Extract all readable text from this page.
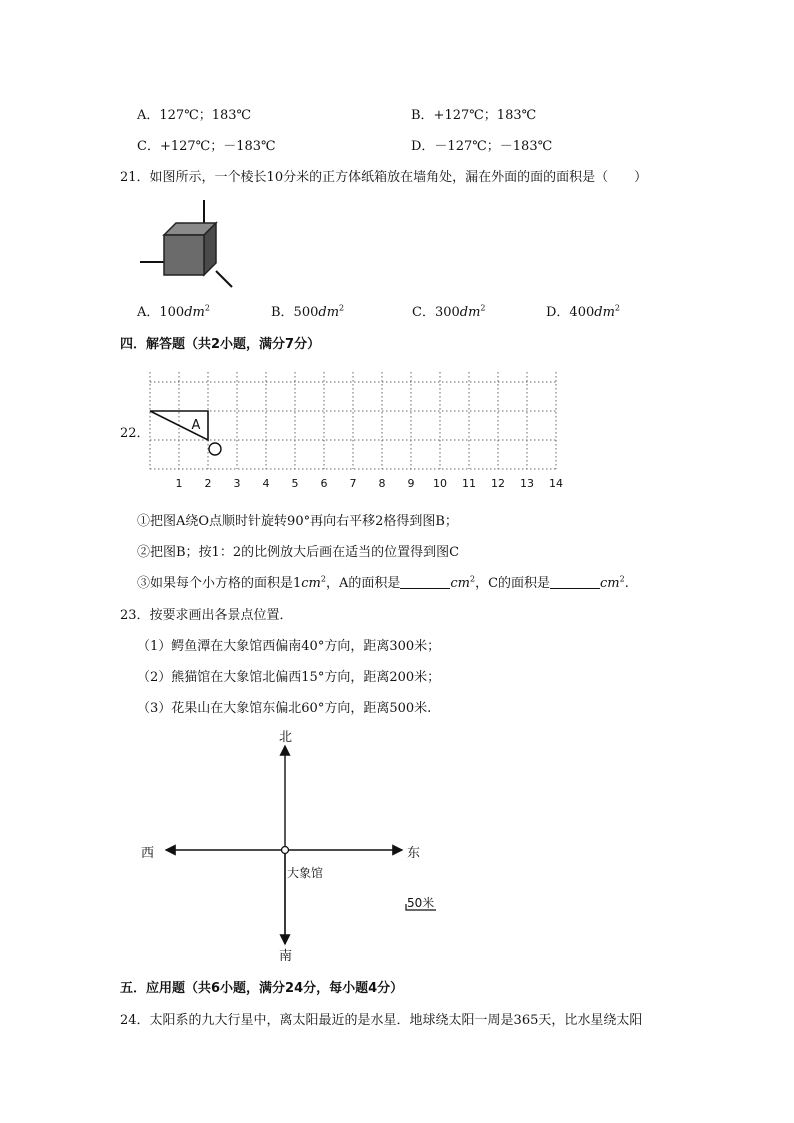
A．127℃；183℃	B．+127℃；183℃
C．+127℃；－183℃	D．－127℃；－183℃
21．如图所示，一个棱长10分米的正方体纸箱放在墙角处，漏在外面的面的面积是（　　）
A．$100dm^2$	B．$500dm^2$	C．$300dm^2$	D．$400dm^2$
四．解答题（共2小题，满分7分）
22．
A
1 2 3 4 5 6 7 8 9 10 11 12 13 14
①把图A绕O点顺时针旋转90°再向右平移2格得到图B；
②把图B；按1：2的比例放大后画在适当的位置得到图C
③如果每个小方格的面积是$1cm^2$，A的面积是	$cm^2$，C的面积是	$cm^2$.
23．按要求画出各景点位置．
（1）鳄鱼潭在大象馆西偏南40°方向，距离300米；
（2）熊猫馆在大象馆北偏西15°方向，距离200米；
（3）花果山在大象馆东偏北60°方向，距离500米.
北
南
西	东
大象馆
50米
五．应用题（共6小题，满分24分，每小题4分）
24．太阳系的九大行星中，离太阳最近的是水星．地球绕太阳一周是365天，比水星绕太阳
